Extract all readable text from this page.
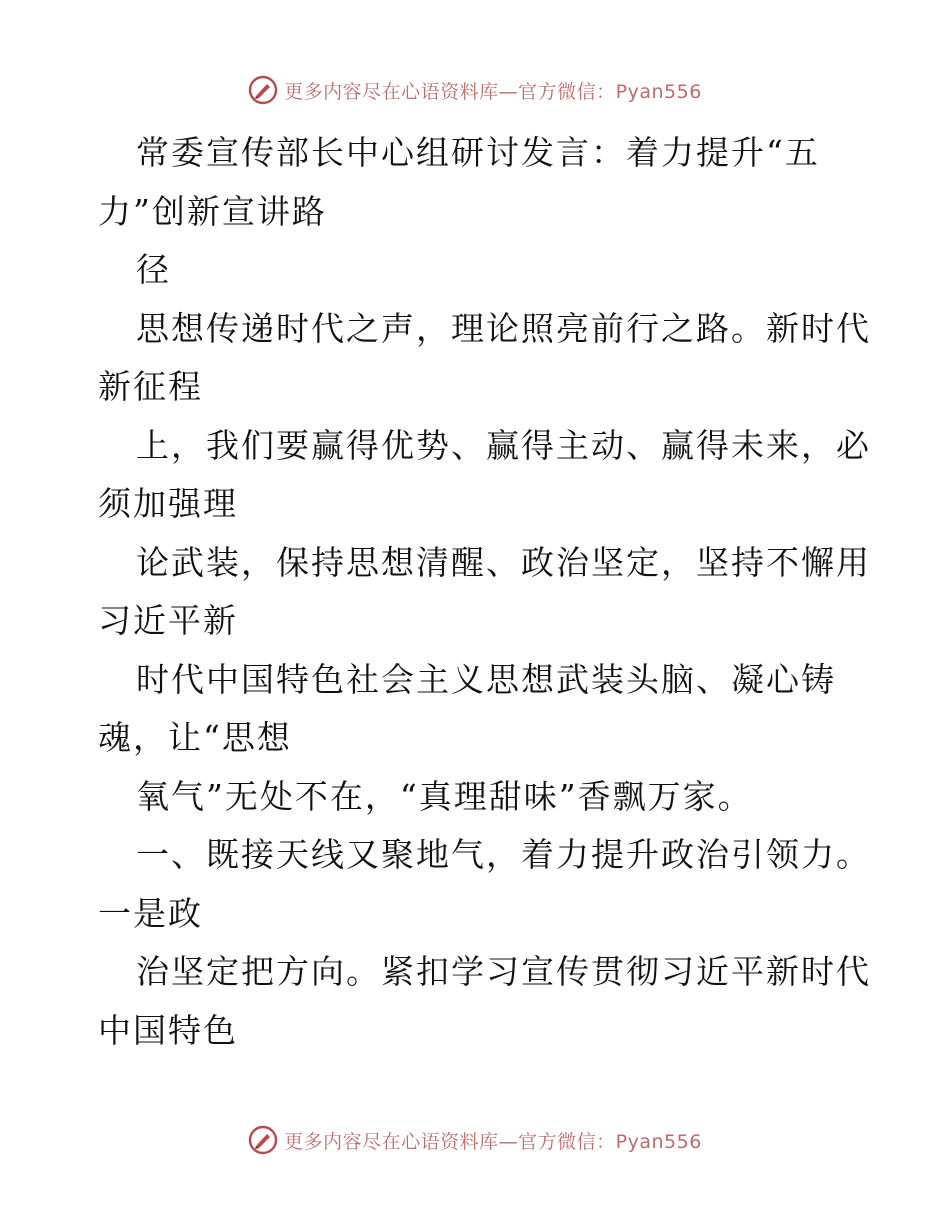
更多内容尽在心语资料库—官方微信：Pyan556
常委宣传部长中心组研讨发言：着力提升“五
力”创新宣讲路
径
思想传递时代之声，理论照亮前行之路。新时代
新征程
上，我们要赢得优势、赢得主动、赢得未来，必
须加强理
论武装，保持思想清醒、政治坚定，坚持不懈用
习近平新
时代中国特色社会主义思想武装头脑、凝心铸
魂，让“思想
氧气”无处不在，“真理甜味”香飘万家。
一、既接天线又聚地气，着力提升政治引领力。
一是政
治坚定把方向。紧扣学习宣传贯彻习近平新时代
中国特色
更多内容尽在心语资料库—官方微信：Pyan556
